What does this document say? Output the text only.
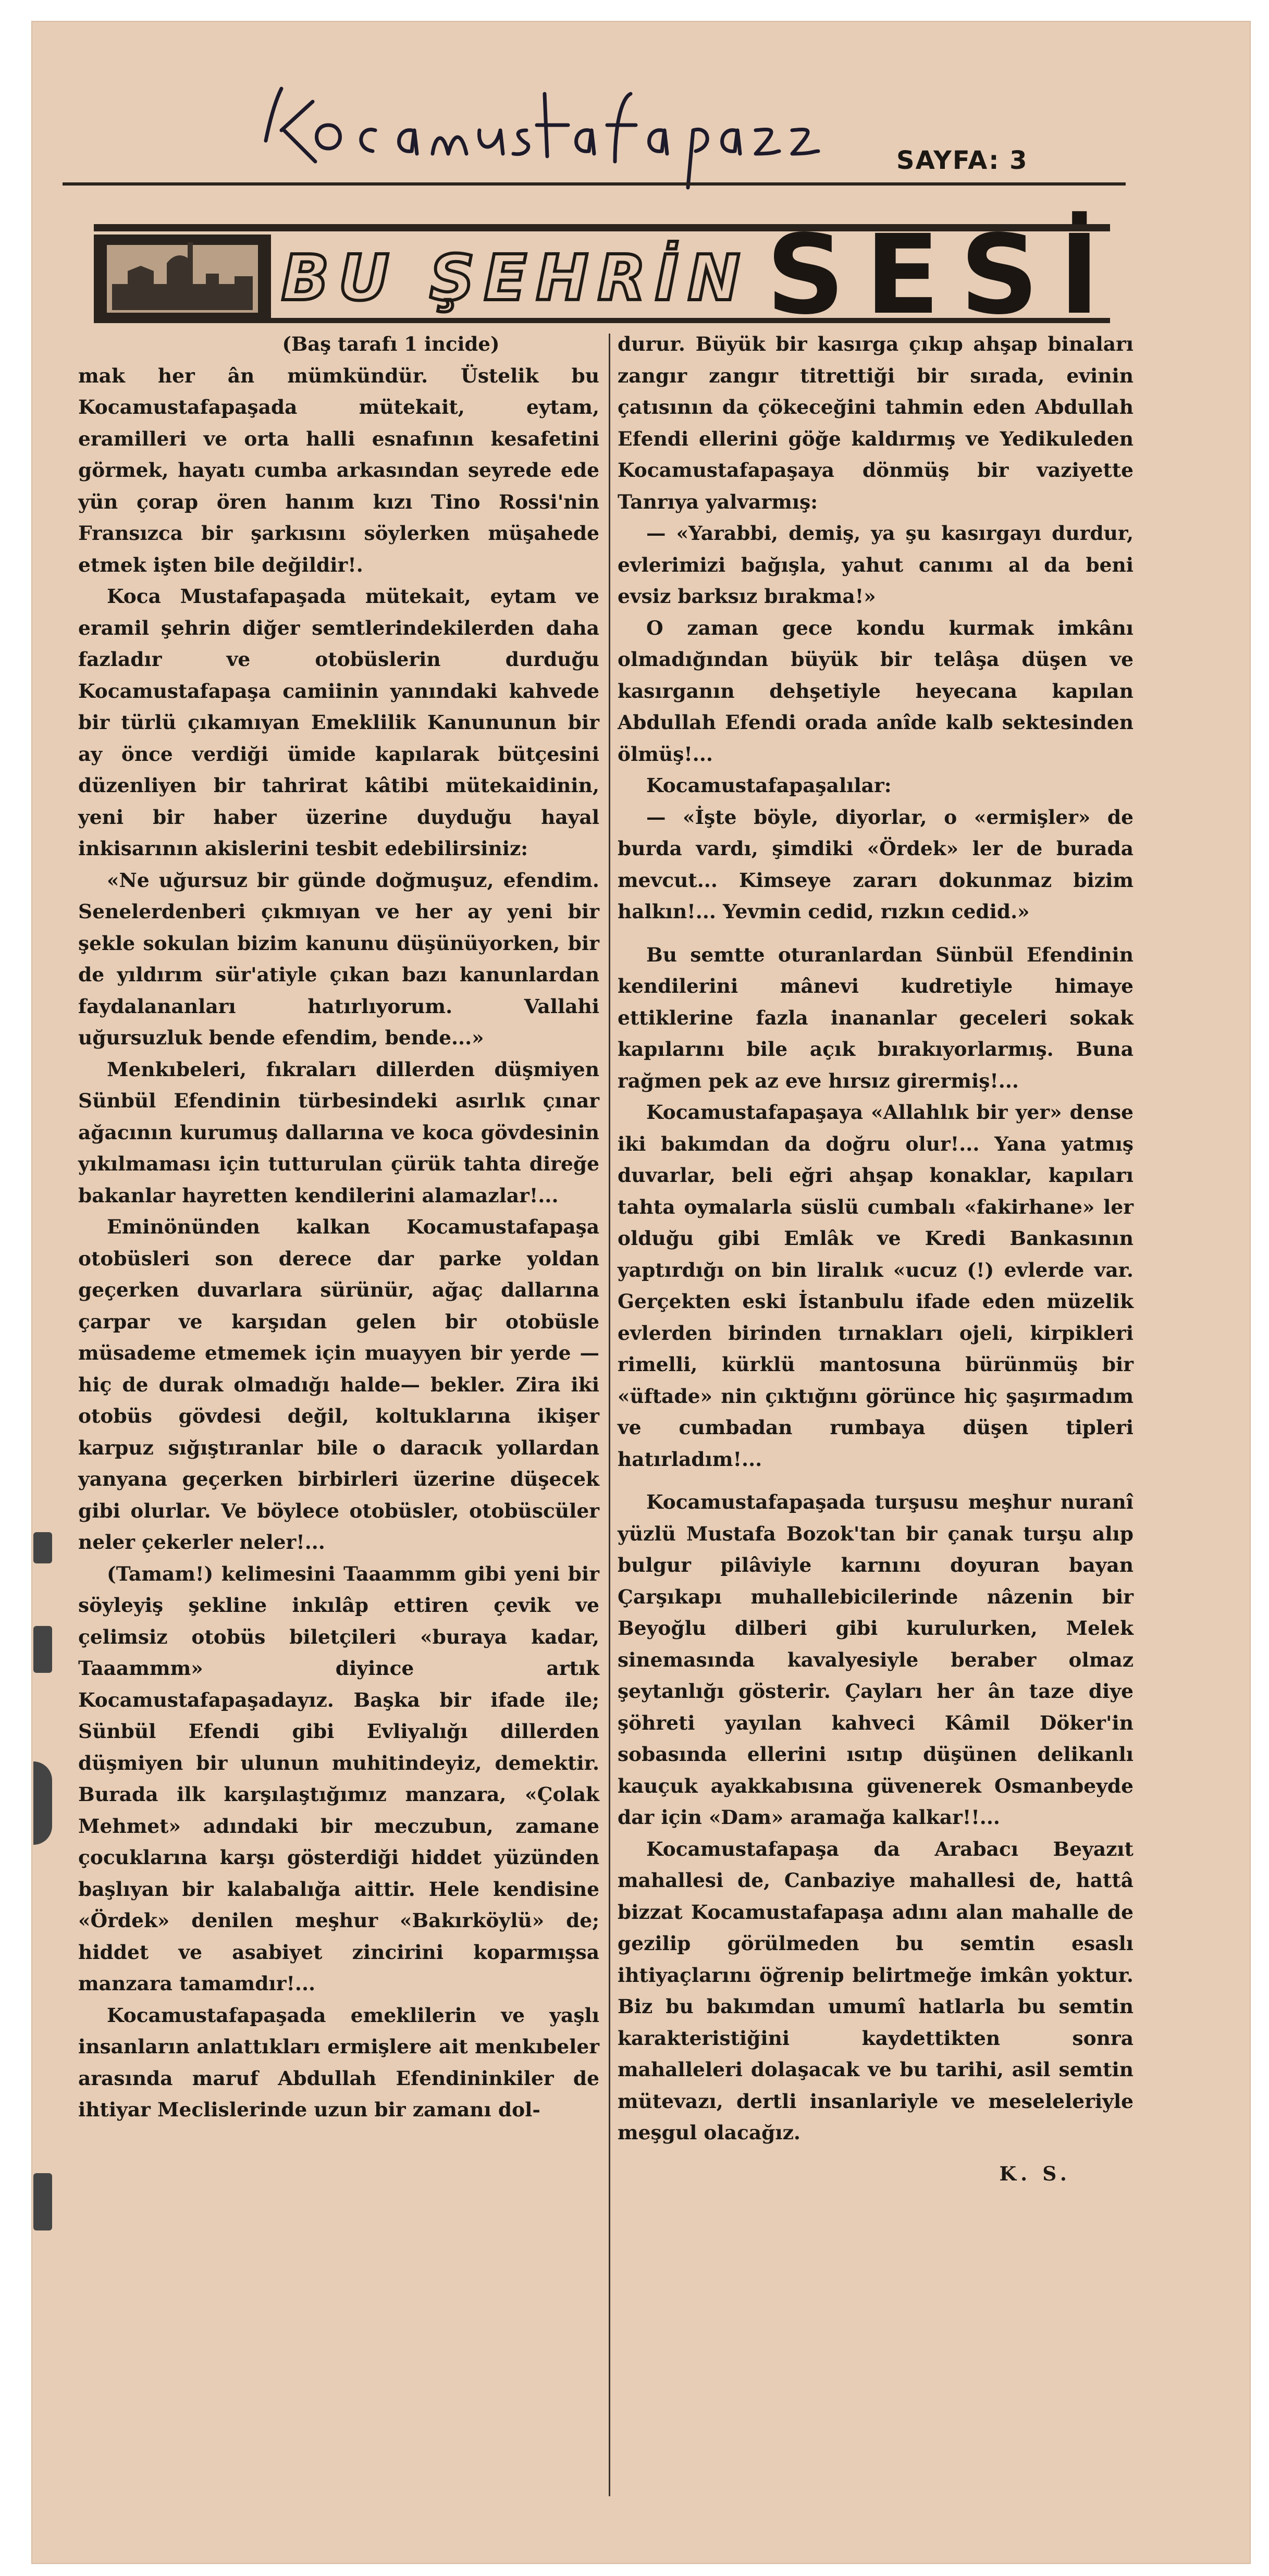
Kocamustafapaşa
SAYFA: 3
BU ŞEHRİN SESİ

(Baş tarafı 1 incide)

mak her ân mümkündür. Üstelik bu Kocamustafapaşada mütekait, eytam, eramilleri ve orta halli esnafının kesafetini görmek, hayatı cumba arkasından seyrede ede yün çorap ören hanım kızı Tino Rossi'nin Fransızca bir şarkısını söylerken müşahede etmek işten bile değildir!.

Koca Mustafapaşada mütekait, eytam ve eramil şehrin diğer semtlerindekilerden daha fazladır ve otobüslerin durduğu Kocamustafapaşa camiinin yanındaki kahvede bir türlü çıkamıyan Emeklilik Kanununun bir ay önce verdiği ümide kapılarak bütçesini düzenliyen bir tahrirat kâtibi mütekaidinin, yeni bir haber üzerine duyduğu hayal inkisarının akislerini tesbit edebilirsiniz:

«Ne uğursuz bir günde doğmuşuz, efendim. Senelerdenberi çıkmıyan ve her ay yeni bir şekle sokulan bizim kanunu düşünüyorken, bir de yıldırım sür'atiyle çıkan bazı kanunlardan faydalananları hatırlıyorum. Vallahi uğursuzluk bende efendim, bende...»

Menkıbeleri, fıkraları dillerden düşmiyen Sünbül Efendinin türbesindeki asırlık çınar ağacının kurumuş dallarına ve koca gövdesinin yıkılmaması için tutturulan çürük tahta direğe bakanlar hayretten kendilerini alamazlar!...

Eminönünden kalkan Kocamustafapaşa otobüsleri son derece dar parke yoldan geçerken duvarlara sürünür, ağaç dallarına çarpar ve karşıdan gelen bir otobüsle müsademe etmemek için muayyen bir yerde —hiç de durak olmadığı halde— bekler. Zira iki otobüs gövdesi değil, koltuklarına ikişer karpuz sığıştıranlar bile o daracık yollardan yanyana geçerken birbirleri üzerine düşecek gibi olurlar. Ve böylece otobüsler, otobüscüler neler çekerler neler!...

(Tamam!) kelimesini Taaammm gibi yeni bir söyleyiş şekline inkılâp ettiren çevik ve çelimsiz otobüs biletçileri «buraya kadar, Taaammm» diyince artık Kocamustafapaşadayız. Başka bir ifade ile; Sünbül Efendi gibi Evliyalığı dillerden düşmiyen bir ulunun muhitindeyiz, demektir. Burada ilk karşılaştığımız manzara, «Çolak Mehmet» adındaki bir meczubun, zamane çocuklarına karşı gösterdiği hiddet yüzünden başlıyan bir kalabalığa aittir. Hele kendisine «Ördek» denilen meşhur «Bakırköylü» de; hiddet ve asabiyet zincirini koparmışsa manzara tamamdır!...

Kocamustafapaşada emeklilerin ve yaşlı insanların anlattıkları ermişlere ait menkıbeler arasında maruf Abdullah Efendininkiler de ihtiyar Meclislerinde uzun bir zamanı dol-

durur. Büyük bir kasırga çıkıp ahşap binaları zangır zangır titrettiği bir sırada, evinin çatısının da çökeceğini tahmin eden Abdullah Efendi ellerini göğe kaldırmış ve Yedikuleden Kocamustafapaşaya dönmüş bir vaziyette Tanrıya yalvarmış:

— «Yarabbi, demiş, ya şu kasırgayı durdur, evlerimizi bağışla, yahut canımı al da beni evsiz barksız bırakma!»

O zaman gece kondu kurmak imkânı olmadığından büyük bir telâşa düşen ve kasırganın dehşetiyle heyecana kapılan Abdullah Efendi orada anîde kalb sektesinden ölmüş!...

Kocamustafapaşalılar:

— «İşte böyle, diyorlar, o «ermişler» de burda vardı, şimdiki «Ördek» ler de burada mevcut... Kimseye zararı dokunmaz bizim halkın!... Yevmin cedid, rızkın cedid.»

Bu semtte oturanlardan Sünbül Efendinin kendilerini mânevi kudretiyle himaye ettiklerine fazla inananlar geceleri sokak kapılarını bile açık bırakıyorlarmış. Buna rağmen pek az eve hırsız girermiş!...

Kocamustafapaşaya «Allahlık bir yer» dense iki bakımdan da doğru olur!... Yana yatmış duvarlar, beli eğri ahşap konaklar, kapıları tahta oymalarla süslü cumbalı «fakirhane» ler olduğu gibi Emlâk ve Kredi Bankasının yaptırdığı on bin liralık «ucuz (!) evlerde var. Gerçekten eski İstanbulu ifade eden müzelik evlerden birinden tırnakları ojeli, kirpikleri rimelli, kürklü mantosuna bürünmüş bir «üftade» nin çıktığını görünce hiç şaşırmadım ve cumbadan rumbaya düşen tipleri hatırladım!...

Kocamustafapaşada turşusu meşhur nuranî yüzlü Mustafa Bozok'tan bir çanak turşu alıp bulgur pilâviyle karnını doyuran bayan Çarşıkapı muhallebicilerinde nâzenin bir Beyoğlu dilberi gibi kurulurken, Melek sinemasında kavalyesiyle beraber olmaz şeytanlığı gösterir. Çayları her ân taze diye şöhreti yayılan kahveci Kâmil Döker'in sobasında ellerini ısıtıp düşünen delikanlı kauçuk ayakkabısına güvenerek Osmanbeyde dar için «Dam» aramağa kalkar!!...

Kocamustafapaşa da Arabacı Beyazıt mahallesi de, Canbaziye mahallesi de, hattâ bizzat Kocamustafapaşa adını alan mahalle de gezilip görülmeden bu semtin esaslı ihtiyaçlarını öğrenip belirtmeğe imkân yoktur. Biz bu bakımdan umumî hatlarla bu semtin karakteristiğini kaydettikten sonra mahalleleri dolaşacak ve bu tarihi, asil semtin mütevazı, dertli insanlariyle ve meseleleriyle meşgul olacağız.

K. S.
